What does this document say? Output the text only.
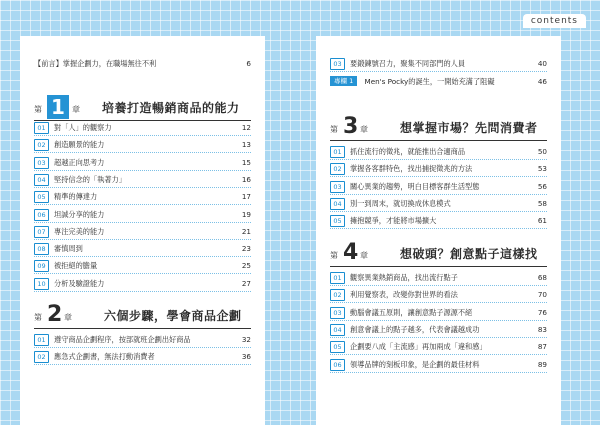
contents
【前言】掌握企劃力，在職場無往不利	6
第 1 章 培養打造暢銷商品的能力
01 對「人」的觀察力	12
02 創造願景的能力	13
03 超越正向思考力	15
04 堅持信念的「執著力」	16
05 精準的傳達力	17
06 坦誠分享的能力	19
07 專注完美的能力	21
08 審慎周到	23
09 被拒絕的膽量	25
10 分析及驗證能力	27
第 2 章	六個步驟，學會商品企劃
01 遵守商品企劃程序，按部就班企劃出好商品	32
02 應急式企劃書，無法打動消費者	36
03 要鍛鍊號召力，聚集不同部門的人員	40
專欄 1 Men's Pocky的誕生，一開始充滿了阻礙	46
第 3 章	想掌握市場？先問消費者
01 抓住流行的徵兆，就能推出合適商品	50
02 掌握各客群特色，找出捕捉徵兆的方法	53
03 關心異業的趨勢，明白目標客群生活型態	56
04 別一到周末，就切換成休息模式	58
05 擁抱競爭，才能將市場擴大	61
第 4 章	想破頭？創意點子這樣找
01 觀察異業熱銷商品，找出流行點子	68
02 利用覺察表，改變你對世界的看法	70
03 動腦會議五原則，讓創意點子源源不絕	76
04 創意會議上的點子越多，代表會議越成功	83
05 企劃要八成「主流感」再加兩成「違和感」	87
06 領導品牌的刻板印象，是企劃的最佳材料	89
